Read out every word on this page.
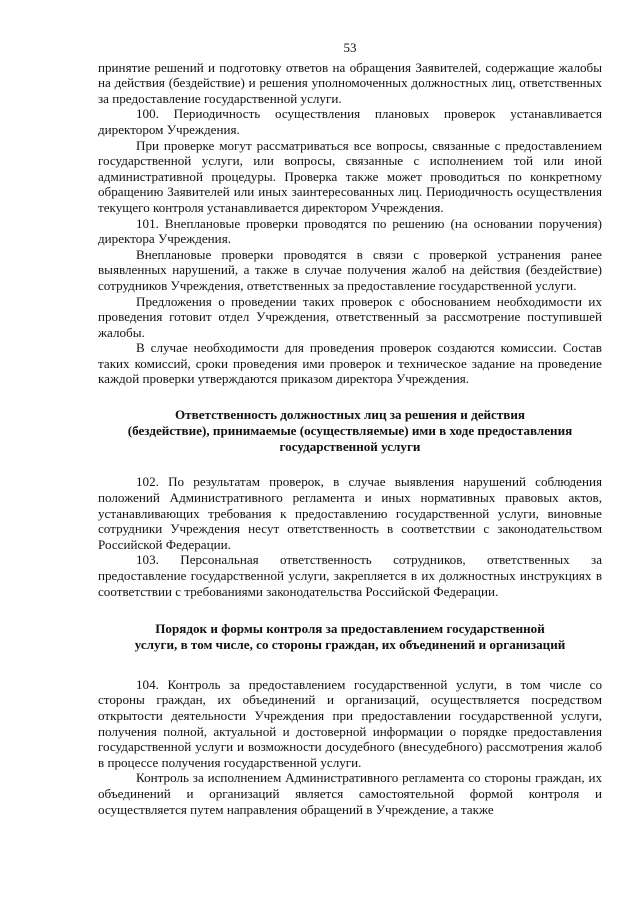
53

принятие решений и подготовку ответов на обращения Заявителей, содержащие жалобы на действия (бездействие) и решения уполномоченных должностных лиц, ответственных за предоставление государственной услуги.

100. Периодичность осуществления плановых проверок устанавливается директором Учреждения.

При проверке могут рассматриваться все вопросы, связанные с предоставлением государственной услуги, или вопросы, связанные с исполнением той или иной административной процедуры. Проверка также может проводиться по конкретному обращению Заявителей или иных заинтересованных лиц. Периодичность осуществления текущего контроля устанавливается директором Учреждения.

101. Внеплановые проверки проводятся по решению (на основании поручения) директора Учреждения.

Внеплановые проверки проводятся в связи с проверкой устранения ранее выявленных нарушений, а также в случае получения жалоб на действия (бездействие) сотрудников Учреждения, ответственных за предоставление государственной услуги.

Предложения о проведении таких проверок с обоснованием необходимости их проведения готовит отдел Учреждения, ответственный за рассмотрение поступившей жалобы.

В случае необходимости для проведения проверок создаются комиссии. Состав таких комиссий, сроки проведения ими проверок и техническое задание на проведение каждой проверки утверждаются приказом директора Учреждения.

Ответственность должностных лиц за решения и действия

(бездействие), принимаемые (осуществляемые) ими в ходе предоставления

государственной услуги

102. По результатам проверок, в случае выявления нарушений соблюдения положений Административного регламента и иных нормативных правовых актов, устанавливающих требования к предоставлению государственной услуги, виновные сотрудники Учреждения несут ответственность в соответствии с законодательством Российской Федерации.

103. Персональная ответственность сотрудников, ответственных за предоставление государственной услуги, закрепляется в их должностных инструкциях в соответствии с требованиями законодательства Российской Федерации.

Порядок и формы контроля за предоставлением государственной

услуги, в том числе, со стороны граждан, их объединений и организаций

104. Контроль за предоставлением государственной услуги, в том числе со стороны граждан, их объединений и организаций, осуществляется посредством открытости деятельности Учреждения при предоставлении государственной услуги, получения полной, актуальной и достоверной информации о порядке предоставления государственной услуги и возможности досудебного (внесудебного) рассмотрения жалоб в процессе получения государственной услуги.

Контроль за исполнением Административного регламента со стороны граждан, их объединений и организаций является самостоятельной формой контроля и осуществляется путем направления обращений в Учреждение, а также
